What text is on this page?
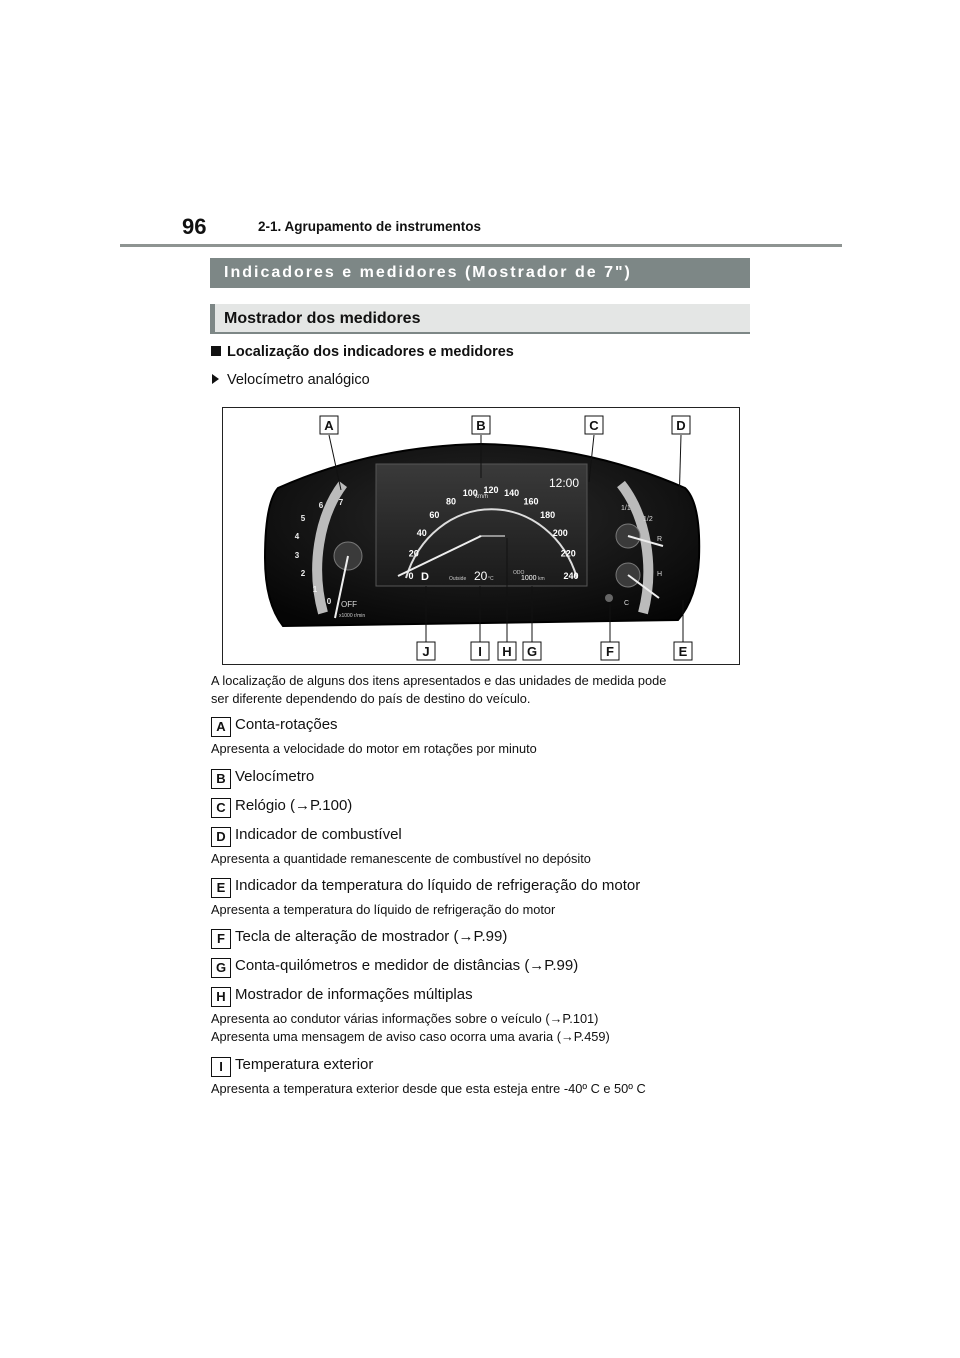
96	2-1. Agrupamento de instrumentos
Indicadores e medidores (Mostrador de 7")
Mostrador dos medidores
Localização dos indicadores e medidores
Velocímetro analógico
0
1
2
3
4
5
6 7
0
20
40
60
80
100 120 140
160
180
200
220
240
OFF
x1000 r/min
km/h
12:00
D	Outside 20 °C
ODO
1000 km
1/1
1/2
R
H
C
A	B	C	D
E
F
G
H
I
J
A localização de alguns dos itens apresentados e das unidades de medida pode
ser diferente dependendo do país de destino do veículo.
A Conta-rotações
Apresenta a velocidade do motor em rotações por minuto
B Velocímetro
C Relógio (→P.100)
D Indicador de combustível
Apresenta a quantidade remanescente de combustível no depósito
E Indicador da temperatura do líquido de refrigeração do motor
Apresenta a temperatura do líquido de refrigeração do motor
F Tecla de alteração de mostrador (→P.99)
G Conta-quilómetros e medidor de distâncias (→P.99)
H Mostrador de informações múltiplas
Apresenta ao condutor várias informações sobre o veículo (→P.101)
Apresenta uma mensagem de aviso caso ocorra uma avaria (→P.459)
I Temperatura exterior
Apresenta a temperatura exterior desde que esta esteja entre -40º C e 50º C
